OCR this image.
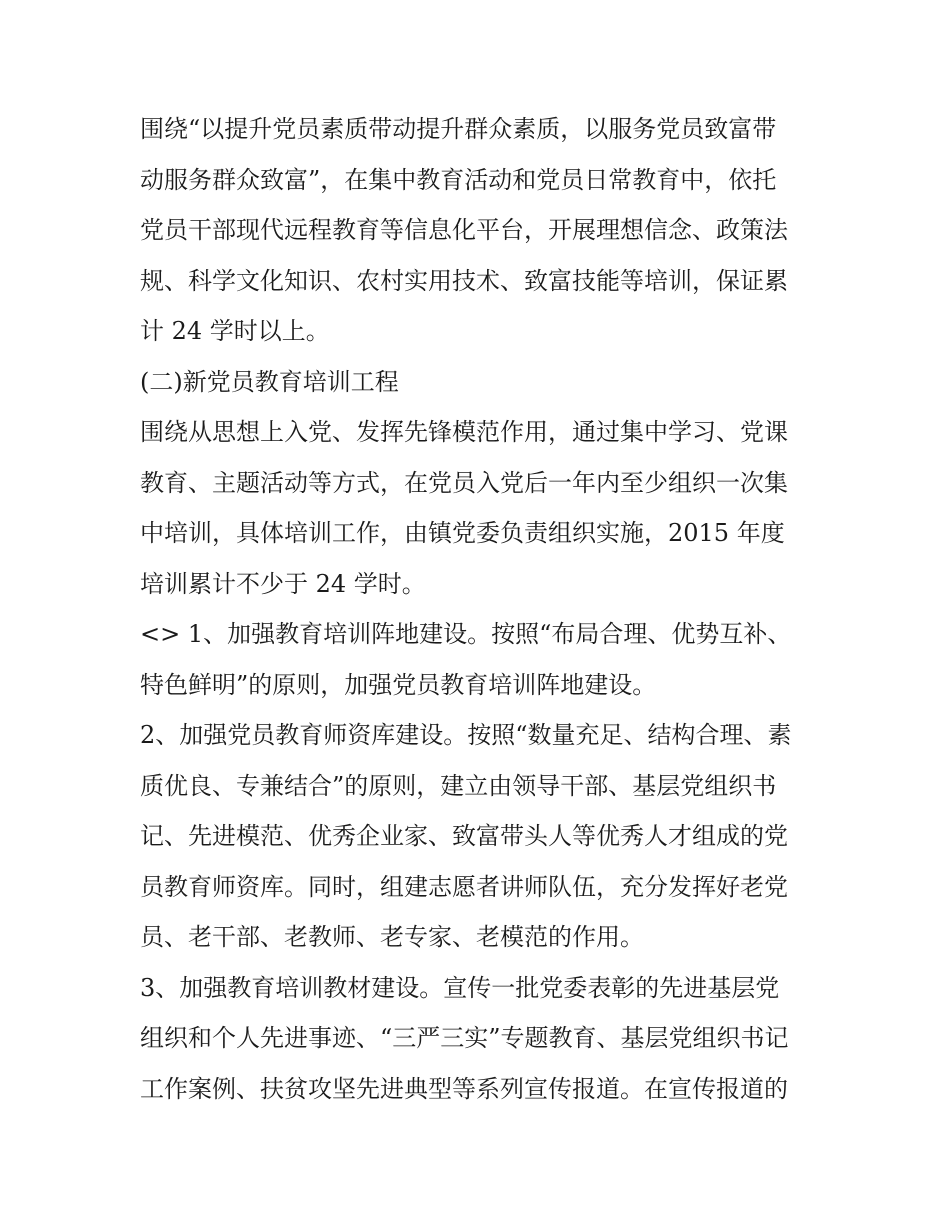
围绕“以提升党员素质带动提升群众素质，以服务党员致富带
动服务群众致富”，在集中教育活动和党员日常教育中，依托
党员干部现代远程教育等信息化平台，开展理想信念、政策法
规、科学文化知识、农村实用技术、致富技能等培训，保证累
计 24 学时以上。
(二)新党员教育培训工程
围绕从思想上入党、发挥先锋模范作用，通过集中学习、党课
教育、主题活动等方式，在党员入党后一年内至少组织一次集
中培训，具体培训工作，由镇党委负责组织实施，2015 年度
培训累计不少于 24 学时。
<> 1、加强教育培训阵地建设。按照“布局合理、优势互补、
特色鲜明”的原则，加强党员教育培训阵地建设。
2、加强党员教育师资库建设。按照“数量充足、结构合理、素
质优良、专兼结合”的原则，建立由领导干部、基层党组织书
记、先进模范、优秀企业家、致富带头人等优秀人才组成的党
员教育师资库。同时，组建志愿者讲师队伍，充分发挥好老党
员、老干部、老教师、老专家、老模范的作用。
3、加强教育培训教材建设。宣传一批党委表彰的先进基层党
组织和个人先进事迹、“三严三实”专题教育、基层党组织书记
工作案例、扶贫攻坚先进典型等系列宣传报道。在宣传报道的
